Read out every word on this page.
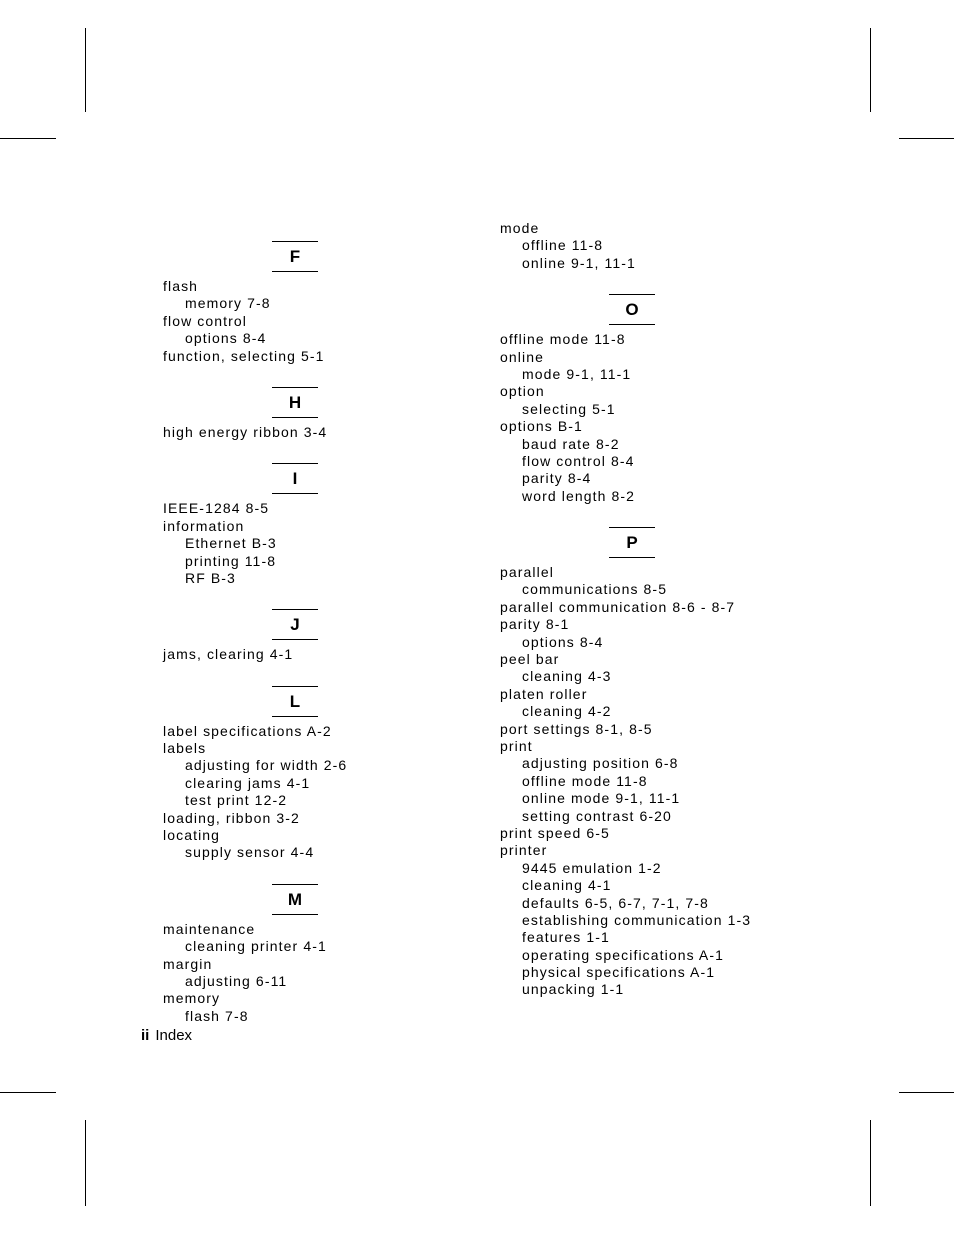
F
flash
memory 7-8
flow control
options 8-4
function, selecting 5-1
H
high energy ribbon 3-4
I
IEEE-1284 8-5
information
Ethernet B-3
printing 11-8
RF B-3
J
jams, clearing 4-1
L
label specifications A-2
labels
adjusting for width 2-6
clearing jams 4-1
test print 12-2
loading, ribbon 3-2
locating
supply sensor 4-4
M
maintenance
cleaning printer 4-1
margin
adjusting 6-11
memory
flash 7-8
mode
offline 11-8
online 9-1, 11-1
O
offline mode 11-8
online
mode 9-1, 11-1
option
selecting 5-1
options B-1
baud rate 8-2
flow control 8-4
parity 8-4
word length 8-2
P
parallel
communications 8-5
parallel communication 8-6 - 8-7
parity 8-1
options 8-4
peel bar
cleaning 4-3
platen roller
cleaning 4-2
port settings 8-1, 8-5
print
adjusting position 6-8
offline mode 11-8
online mode 9-1, 11-1
setting contrast 6-20
print speed 6-5
printer
9445 emulation 1-2
cleaning 4-1
defaults 6-5, 6-7, 7-1, 7-8
establishing communication 1-3
features 1-1
operating specifications A-1
physical specifications A-1
unpacking 1-1
ii Index
